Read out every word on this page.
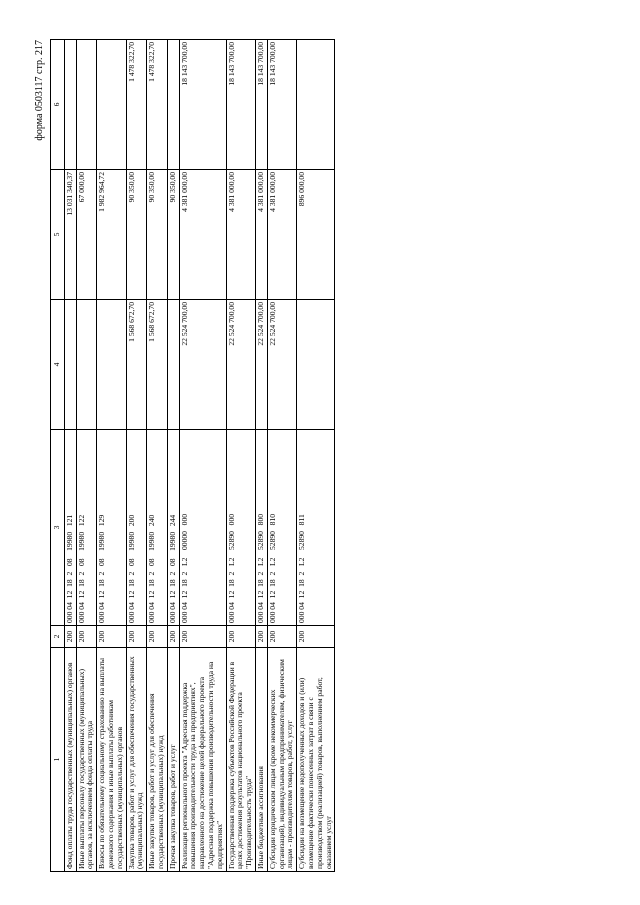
форма 0503117 стр. 217
1	2	3	4	5	6
Фонд оплаты труда государственных (муниципальных) органов	200	000 04  12  18  2   08    19980   121		13 031 340,37	
Иные выплаты персоналу государственных (муниципальных) органов, за исключением фонда оплаты труда	200	000 04  12  18  2   08    19980   122		67 000,00	
Взносы по обязательному социальному страхованию на выплаты денежного содержания и иные выплаты работникам государственных (муниципальных) органов	200	000 04  12  18  2   08    19980   129		1 982 964,72	
Закупка товаров, работ и услуг для обеспечения государственных (муниципальных) нужд	200	000 04  12  18  2   08    19980   200	1 568 672,70	90 350,00	1 478 322,70
Иные закупки товаров, работ и услуг для обеспечения государственных (муниципальных) нужд	200	000 04  12  18  2   08    19980   240	1 568 672,70	90 350,00	1 478 322,70
Прочая закупка товаров, работ и услуг	200	000 04  12  18  2   08    19980   244		90 350,00	
Реализация регионального проекта "Адресная поддержка повышения производительности труда на предприятиях", направленного на достижение целей федерального проекта "Адресная поддержка повышения производительности труда на предприятиях"	200	000 04  12  18  2   L2    00000   000	22 524 700,00	4 381 000,00	18 143 700,00
Государственная поддержка субъектов Российской Федерации в целях достижения результатов национального проекта "Производительность труда"	200	000 04  12  18  2   L2    52890   000	22 524 700,00	4 381 000,00	18 143 700,00
Иные бюджетные ассигнования	200	000 04  12  18  2   L2    52890   800	22 524 700,00	4 381 000,00	18 143 700,00
Субсидии юридическим лицам (кроме некоммерческих организаций), индивидуальным предпринимателям, физическим лицам - производителям товаров, работ, услуг	200	000 04  12  18  2   L2    52890   810	22 524 700,00	4 381 000,00	18 143 700,00
Субсидии на возмещение недополученных доходов и (или) возмещение фактически понесенных затрат в связи с производством (реализацией) товаров, выполнением работ, оказанием услуг	200	000 04  12  18  2   L2    52890   811		896 000,00	
